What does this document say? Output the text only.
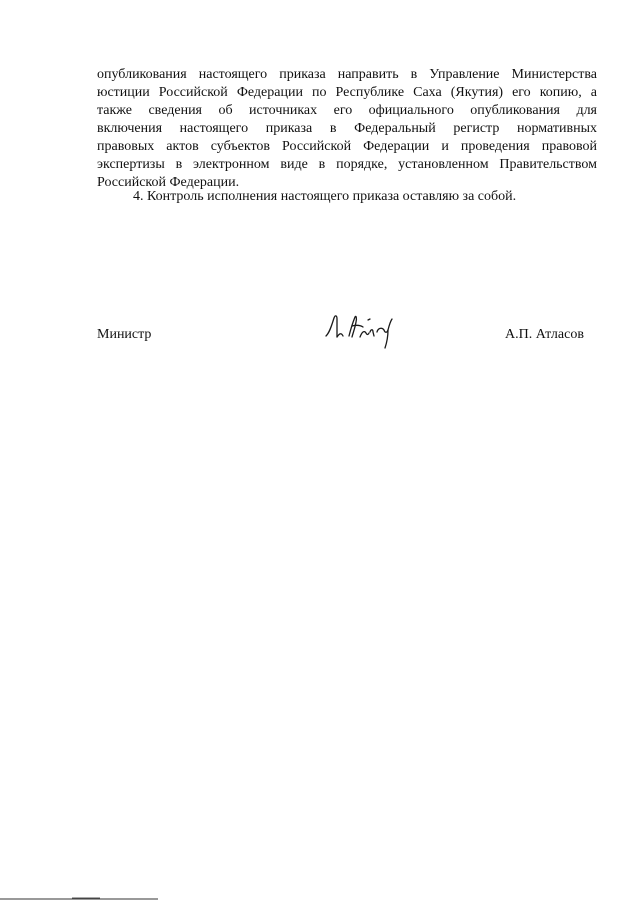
опубликования настоящего приказа направить в Управление Министерства
юстиции Российской Федерации по Республике Саха (Якутия) его копию, а
также сведения об источниках его официального опубликования для
включения настоящего приказа в Федеральный регистр нормативных
правовых актов субъектов Российской Федерации и проведения правовой
экспертизы в электронном виде в порядке, установленном Правительством
Российской Федерации.
4. Контроль исполнения настоящего приказа оставляю за собой.
Министр	А.П. Атласов
